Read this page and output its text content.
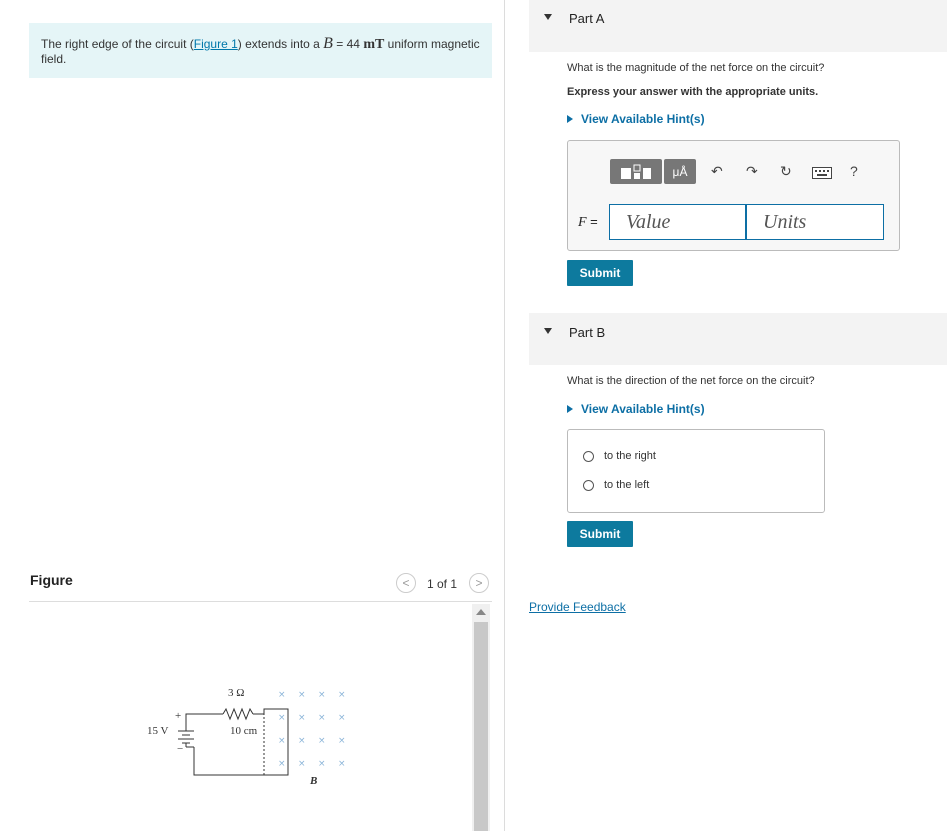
The right edge of the circuit (Figure 1) extends into a B = 44 mT uniform magnetic field.
Figure	< 1 of 1 >
× × × ×
× × × ×
× × × ×
× × × ×
3 Ω
+
−
15 V	10 cm
B
Part A
What is the magnitude of the net force on the circuit?
Express your answer with the appropriate units.
View Available Hint(s)
μÅ ↶ ↷ ↻	?
F =	Value	Units
Submit
Part B
What is the direction of the net force on the circuit?
View Available Hint(s)
to the right
to the left
Submit
Provide Feedback
